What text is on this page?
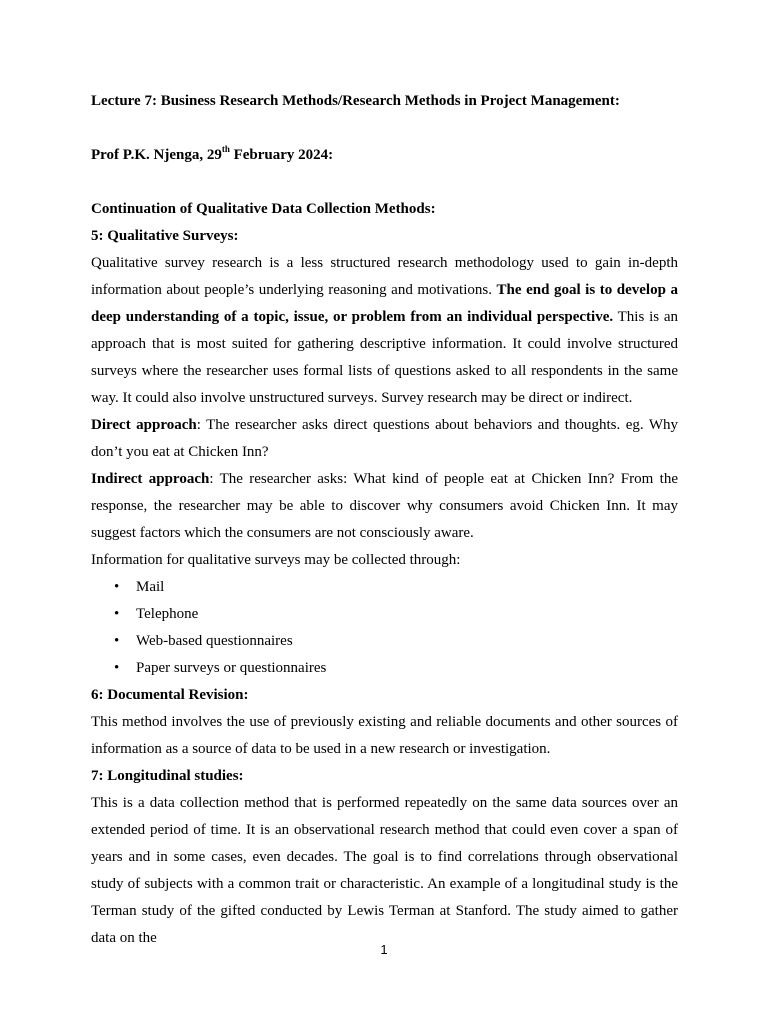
Lecture 7: Business Research Methods/Research Methods in Project Management:
Prof P.K. Njenga, 29th February 2024:
Continuation of Qualitative Data Collection Methods:
5: Qualitative Surveys:

Qualitative survey research is a less structured research methodology used to gain in-depth information about people’s underlying reasoning and motivations. The end goal is to develop a deep understanding of a topic, issue, or problem from an individual perspective. This is an approach that is most suited for gathering descriptive information. It could involve structured surveys where the researcher uses formal lists of questions asked to all respondents in the same way. It could also involve unstructured surveys. Survey research may be direct or indirect.

Direct approach: The researcher asks direct questions about behaviors and thoughts. eg. Why don’t you eat at Chicken Inn?

Indirect approach: The researcher asks: What kind of people eat at Chicken Inn? From the response, the researcher may be able to discover why consumers avoid Chicken Inn. It may suggest factors which the consumers are not consciously aware.

Information for qualitative surveys may be collected through:

• Mail
• Telephone
• Web-based questionnaires
• Paper surveys or questionnaires
6: Documental Revision:

This method involves the use of previously existing and reliable documents and other sources of information as a source of data to be used in a new research or investigation.

7: Longitudinal studies:

This is a data collection method that is performed repeatedly on the same data sources over an extended period of time. It is an observational research method that could even cover a span of years and in some cases, even decades. The goal is to find correlations through observational study of subjects with a common trait or characteristic. An example of a longitudinal study is the Terman study of the gifted conducted by Lewis Terman at Stanford. The study aimed to gather data on the

1
